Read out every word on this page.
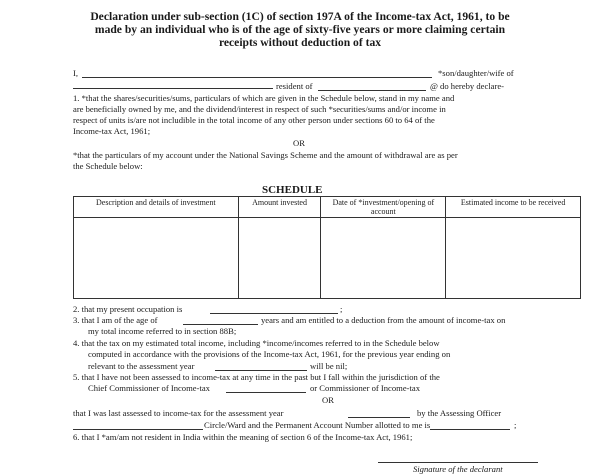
Declaration under sub-section (1C) of section 197A of the Income-tax Act, 1961, to be
made by an individual who is of the age of sixty-five years or more claiming certain
receipts without deduction of tax
I,	*son/daughter/wife of
resident of	@ do hereby declare-
1. *that the shares/securities/sums, particulars of which are given in the Schedule below, stand in my name and
are beneficially owned by me, and the dividend/interest in respect of such *securities/sums and/or income in
respect of units is/are not includible in the total income of any other person under sections 60 to 64 of the
Income-tax Act, 1961;
OR
*that the particulars of my account under the National Savings Scheme and the amount of withdrawal are as per
the Schedule below:
SCHEDULE
Description and details of investment	Amount invested	Date of *investment/opening of account	Estimated income to be received

2. that my present occupation is	;
3. that I am of the age of	years and am entitled to a deduction from the amount of income-tax on
my total income referred to in section 88B;
4. that the tax on my estimated total income, including *income/incomes referred to in the Schedule below
computed in accordance with the provisions of the Income-tax Act, 1961, for the previous year ending on
relevant to the assessment year	will be nil;
5. that I have not been assessed to income-tax at any time in the past but I fall within the jurisdiction of the
Chief Commissioner of Income-tax	or Commissioner of Income-tax
OR
that I was last assessed to income-tax for the assessment year	by the Assessing Officer
Circle/Ward and the Permanent Account Number allotted to me is	;
6. that I *am/am not resident in India within the meaning of section 6 of the Income-tax Act, 1961;
Signature of the declarant
